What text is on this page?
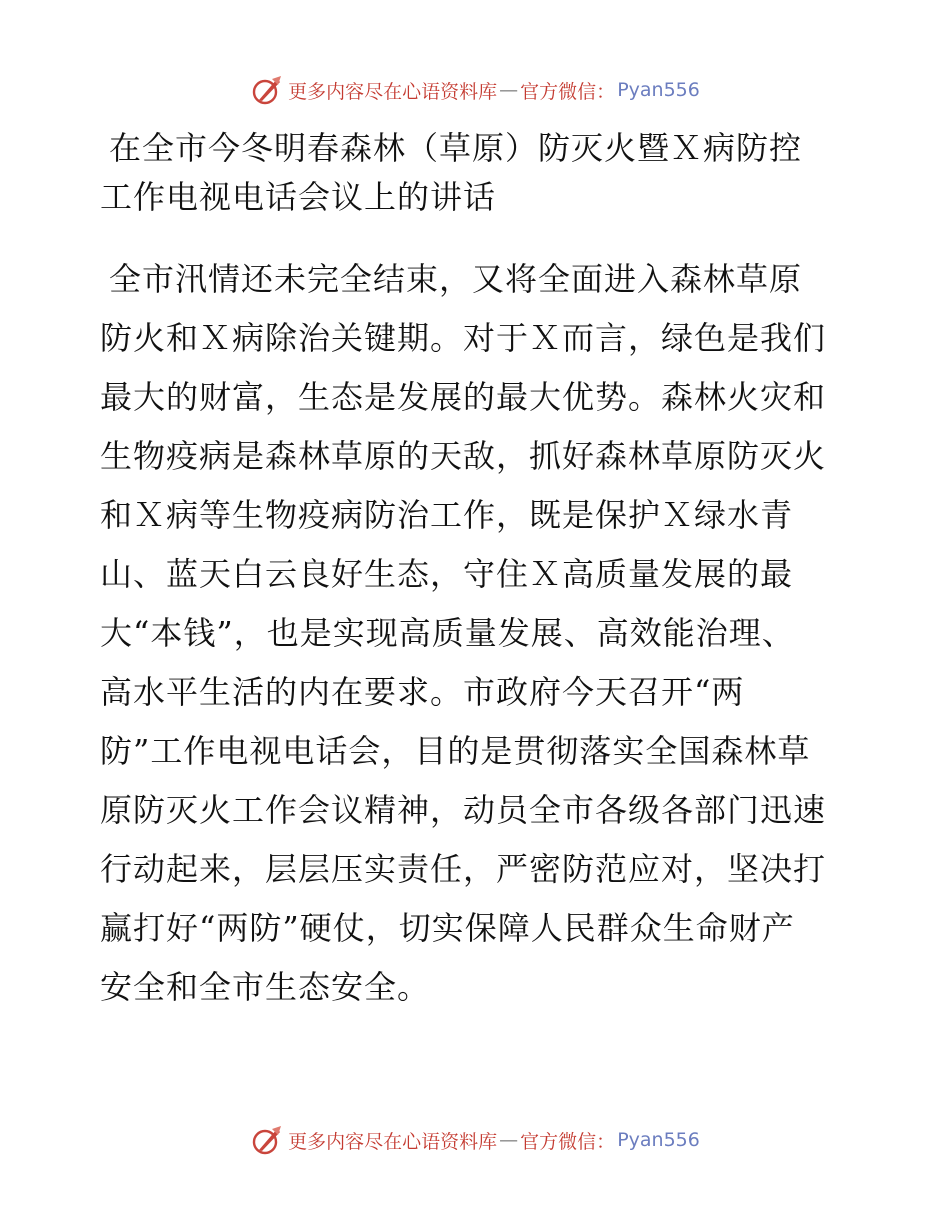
更多内容尽在心语资料库 — 官方微信： Pyan556
在全市今冬明春森林（草原）防灭火暨Ｘ病防控
工作电视电话会议上的讲话
全市汛情还未完全结束，又将全面进入森林草原
防火和Ｘ病除治关键期。对于Ｘ而言，绿色是我们
最大的财富，生态是发展的最大优势。森林火灾和
生物疫病是森林草原的天敌，抓好森林草原防灭火
和Ｘ病等生物疫病防治工作，既是保护Ｘ绿水青
山、蓝天白云良好生态，守住Ｘ高质量发展的最
大“本钱”，也是实现高质量发展、高效能治理、
高水平生活的内在要求。市政府今天召开“两
防”工作电视电话会，目的是贯彻落实全国森林草
原防灭火工作会议精神，动员全市各级各部门迅速
行动起来，层层压实责任，严密防范应对，坚决打
赢打好“两防”硬仗，切实保障人民群众生命财产
安全和全市生态安全。
更多内容尽在心语资料库 — 官方微信： Pyan556
